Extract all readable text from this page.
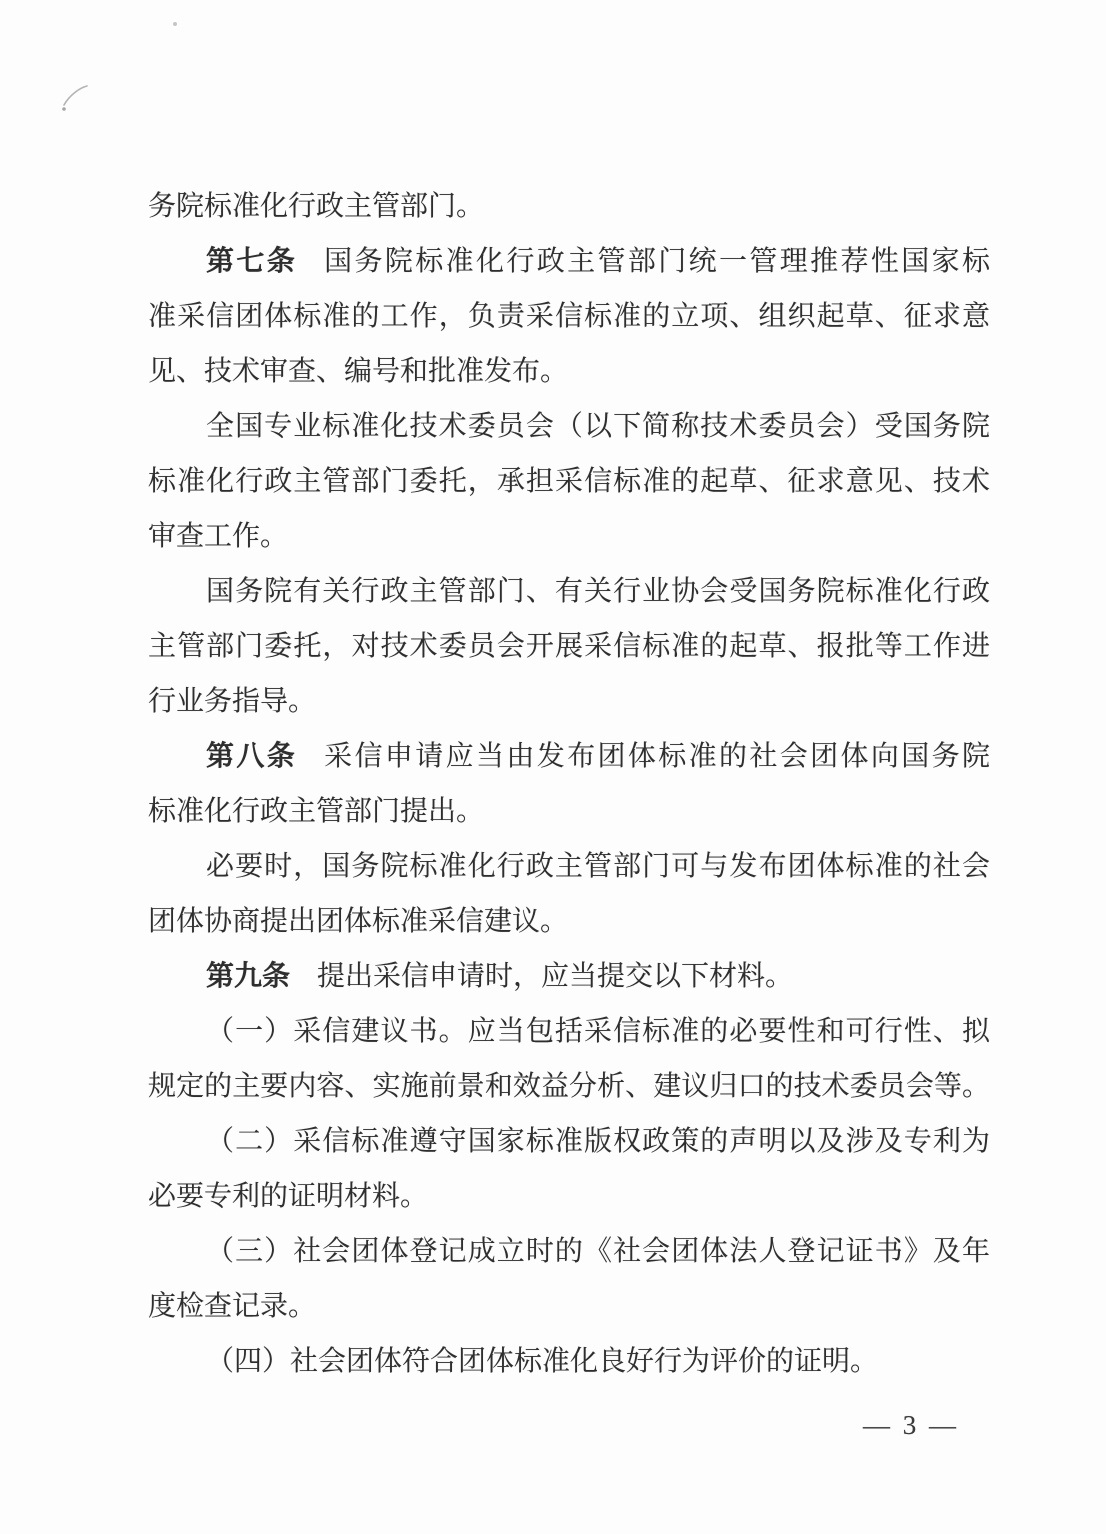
务院标准化行政主管部门。
第七条 国务院标准化行政主管部门统一管理推荐性国家标
准采信团体标准的工作，负责采信标准的立项、组织起草、征求意
见、技术审查、编号和批准发布。
全国专业标准化技术委员会（以下简称技术委员会）受国务院
标准化行政主管部门委托，承担采信标准的起草、征求意见、技术
审查工作。
国务院有关行政主管部门、有关行业协会受国务院标准化行政
主管部门委托，对技术委员会开展采信标准的起草、报批等工作进
行业务指导。
第八条 采信申请应当由发布团体标准的社会团体向国务院
标准化行政主管部门提出。
必要时，国务院标准化行政主管部门可与发布团体标准的社会
团体协商提出团体标准采信建议。
第九条 提出采信申请时，应当提交以下材料。
（一）采信建议书。应当包括采信标准的必要性和可行性、拟
规定的主要内容、实施前景和效益分析、建议归口的技术委员会等。
（二）采信标准遵守国家标准版权政策的声明以及涉及专利为
必要专利的证明材料。
（三）社会团体登记成立时的《社会团体法人登记证书》及年
度检查记录。
（四）社会团体符合团体标准化良好行为评价的证明。
— 3 —
